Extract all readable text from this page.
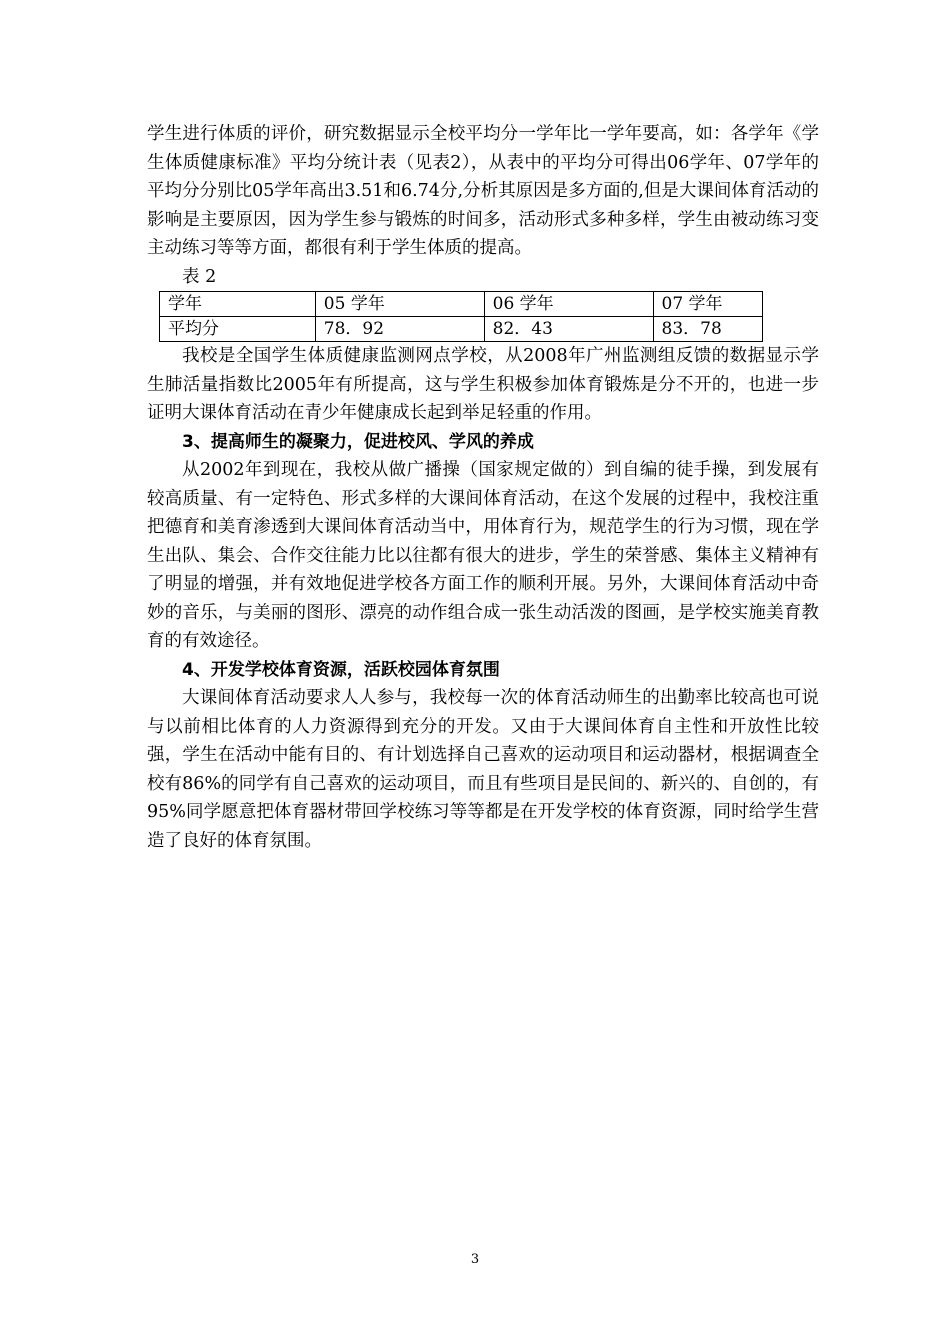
学生进行体质的评价，研究数据显示全校平均分一学年比一学年要高，如：各学年《学生体质健康标准》平均分统计表（见表2），从表中的平均分可得出06学年、07学年的平均分分别比05学年高出3.51和6.74分,分析其原因是多方面的,但是大课间体育活动的影响是主要原因，因为学生参与锻炼的时间多，活动形式多种多样，学生由被动练习变主动练习等等方面，都很有利于学生体质的提高。

表 2

学年	05 学年	06 学年	07 学年
平均分	78．92	82．43	83．78

我校是全国学生体质健康监测网点学校，从2008年广州监测组反馈的数据显示学生肺活量指数比2005年有所提高，这与学生积极参加体育锻炼是分不开的，也进一步证明大课体育活动在青少年健康成长起到举足轻重的作用。

3、提高师生的凝聚力，促进校风、学风的养成

从2002年到现在，我校从做广播操（国家规定做的）到自编的徒手操，到发展有较高质量、有一定特色、形式多样的大课间体育活动，在这个发展的过程中，我校注重把德育和美育渗透到大课间体育活动当中，用体育行为，规范学生的行为习惯，现在学生出队、集会、合作交往能力比以往都有很大的进步，学生的荣誉感、集体主义精神有了明显的增强，并有效地促进学校各方面工作的顺利开展。另外，大课间体育活动中奇妙的音乐，与美丽的图形、漂亮的动作组合成一张生动活泼的图画，是学校实施美育教育的有效途径。

4、开发学校体育资源，活跃校园体育氛围

大课间体育活动要求人人参与，我校每一次的体育活动师生的出勤率比较高也可说与以前相比体育的人力资源得到充分的开发。又由于大课间体育自主性和开放性比较强，学生在活动中能有目的、有计划选择自己喜欢的运动项目和运动器材，根据调查全校有86%的同学有自己喜欢的运动项目，而且有些项目是民间的、新兴的、自创的，有95%同学愿意把体育器材带回学校练习等等都是在开发学校的体育资源，同时给学生营造了良好的体育氛围。

3
